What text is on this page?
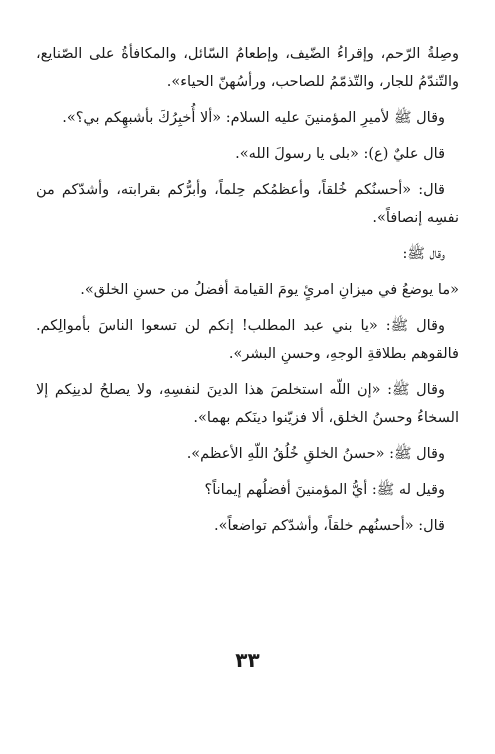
وصِلةُ الرّحم، وإقراءُ الضّيف، وإطعامُ السّائل، والمكافأةُ على الصّنايع، والتّندّمُ للجار، والتّذمّمُ للصاحب، ورأسُهنّ الحياء».

وقال ﷺ لأميرِ المؤمنينَ عليه السلام: «ألا أُخبِرُكَ بأشبهِكم بي؟».

قال عليٌ (ع): «بلى يا رسولَ الله».

قال: «أحسنُكم خُلقاً، وأعظمُكم حِلماً، وأبرُّكم بقرابته، وأشدّكم من نفسِه إنصافاً».

وقال ﷺ:

«ما يوضعُ في ميزانِ امرئٍ يومَ القيامة أفضلُ من حسنِ الخلق».

وقال ﷺ: «يا بني عبد المطلب! إنكم لن تسعوا الناسَ بأموالِكم. فالقوهم بطلاقةِ الوجهِ، وحسنِ البشر».

وقال ﷺ: «إن اللّه استخلصَ هذا الدينَ لنفسِهِ، ولا يصلحُ لدينِكم إلا السخاءُ وحسنُ الخلق، ألا فزيّنوا دينَكم بهما».

وقال ﷺ: «حسنُ الخلقِ خُلُقُ اللّهِ الأعظم».

وقيل له ﷺ: أيُّ المؤمنينَ أفضلُهم إيماناً؟

قال: «أحسنُهم خلقاً، وأشدّكم تواضعاً».

٣٣
